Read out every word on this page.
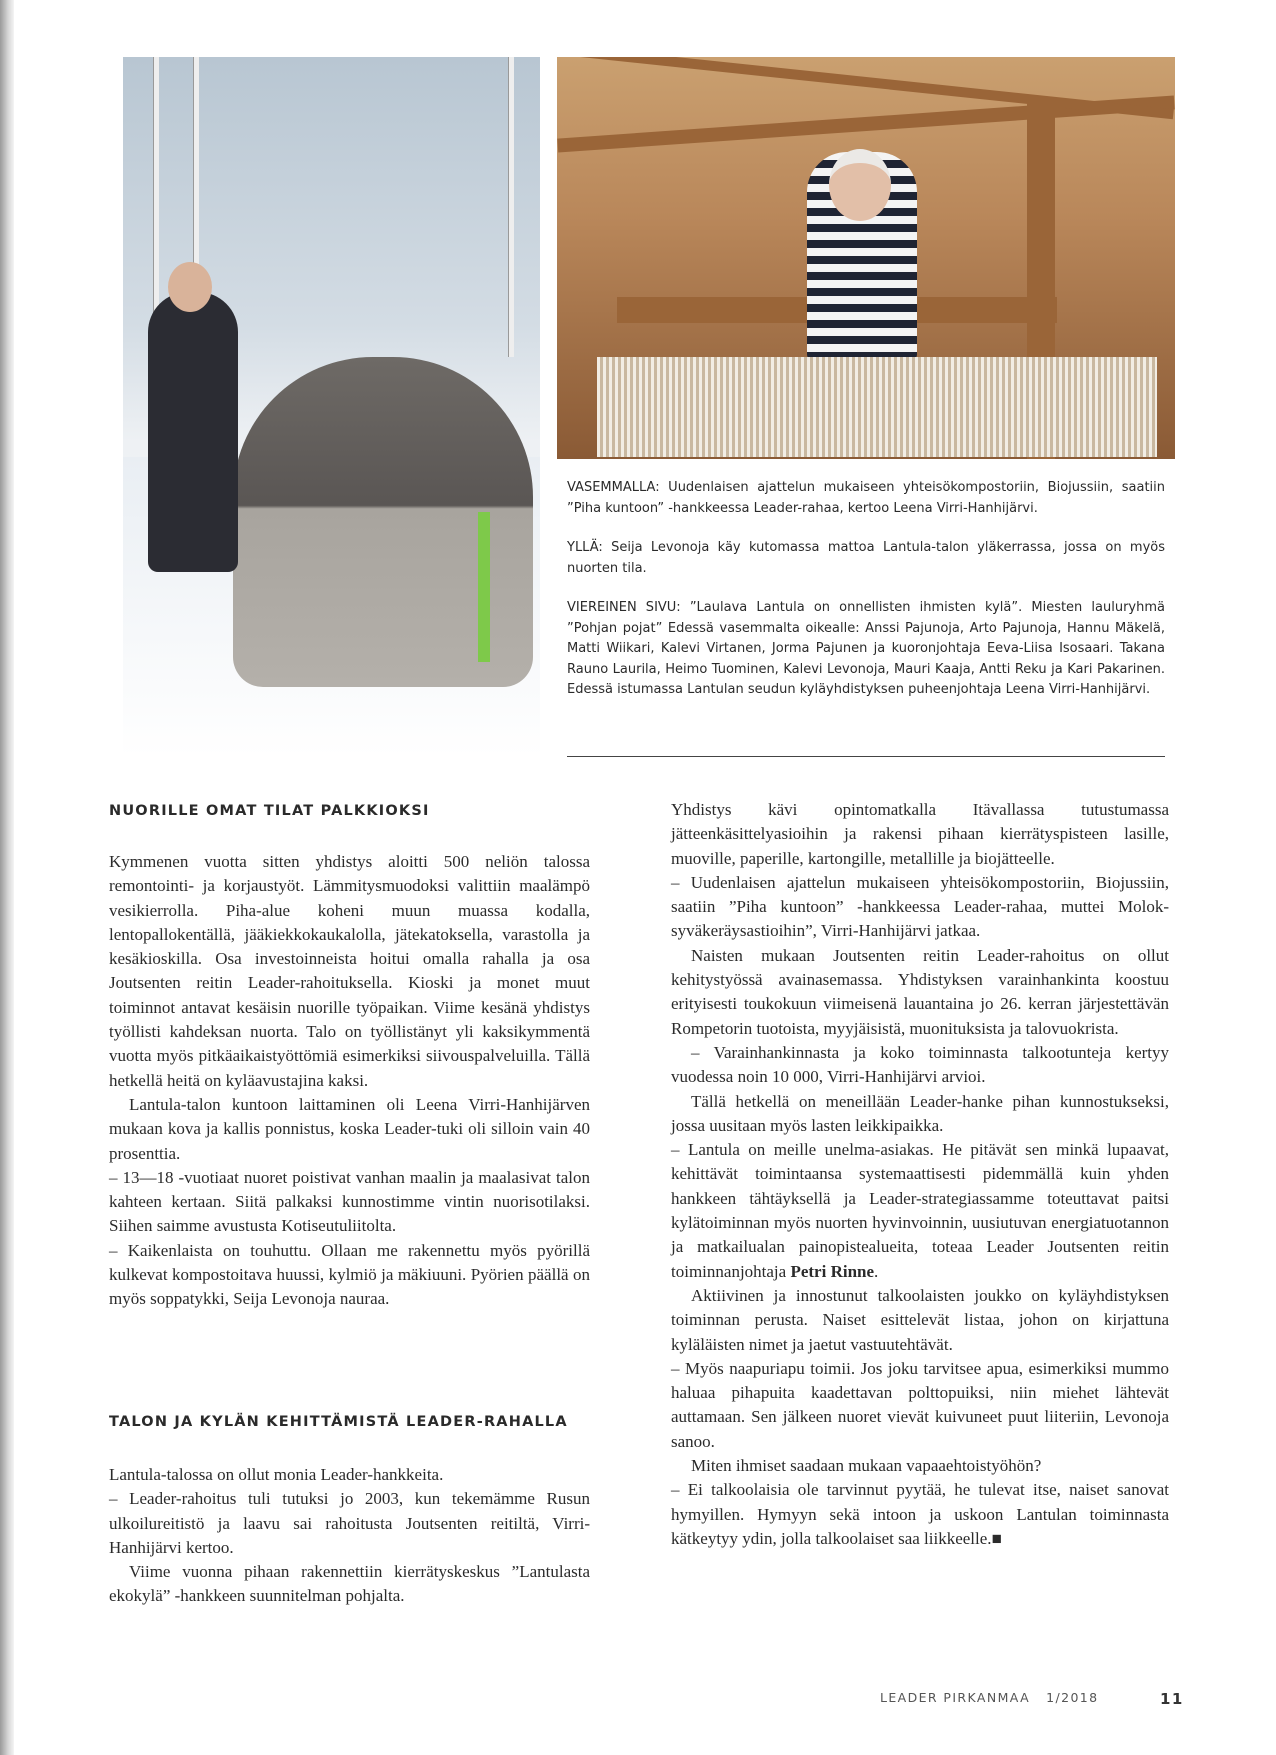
VASEMMALLA: Uudenlaisen ajattelun mukaiseen yhteisökompostoriin, Biojussiin, saatiin ”Piha kuntoon” -hankkeessa Leader-rahaa, kertoo Leena Virri-Hanhijärvi.

YLLÄ: Seija Levonoja käy kutomassa mattoa Lantula-talon yläkerrassa, jossa on myös nuorten tila.

VIEREINEN SIVU: ”Laulava Lantula on onnellisten ihmisten kylä”. Miesten lauluryhmä ”Pohjan pojat” Edessä vasemmalta oikealle: Anssi Pajunoja, Arto Pajunoja, Hannu Mäkelä, Matti Wiikari, Kalevi Virtanen, Jorma Pajunen ja kuoronjohtaja Eeva-Liisa Isosaari. Takana Rauno Laurila, Heimo Tuominen, Kalevi Levonoja, Mauri Kaaja, Antti Reku ja Kari Pakarinen. Edessä istumassa Lantulan seudun kyläyhdistyksen puheenjohtaja Leena Virri-Hanhijärvi.

NUORILLE OMAT TILAT PALKKIOKSI

Kymmenen vuotta sitten yhdistys aloitti 500 neliön talossa remontointi- ja korjaustyöt. Lämmitysmuodoksi valittiin maalämpö vesikierrolla. Piha-alue koheni muun muassa kodalla, lentopallokentällä, jääkiekkokaukalolla, jätekatoksella, varastolla ja kesäkioskilla. Osa investoinneista hoitui omalla rahalla ja osa Joutsenten reitin Leader-rahoituksella. Kioski ja monet muut toiminnot antavat kesäisin nuorille työpaikan. Viime kesänä yhdistys työllisti kahdeksan nuorta. Talo on työllistänyt yli kaksikymmentä vuotta myös pitkäaikaistyöttömiä esimerkiksi siivouspalveluilla. Tällä hetkellä heitä on kyläavustajina kaksi.

Lantula-talon kuntoon laittaminen oli Leena Virri-Hanhijärven mukaan kova ja kallis ponnistus, koska Leader-tuki oli silloin vain 40 prosenttia.

– 13—18 -vuotiaat nuoret poistivat vanhan maalin ja maalasivat talon kahteen kertaan. Siitä palkaksi kunnostimme vintin nuorisotilaksi. Siihen saimme avustusta Kotiseutuliitolta.

– Kaikenlaista on touhuttu. Ollaan me rakennettu myös pyörillä kulkevat kompostoitava huussi, kylmiö ja mäkiuuni. Pyörien päällä on myös soppatykki, Seija Levonoja nauraa.

TALON JA KYLÄN KEHITTÄMISTÄ LEADER-RAHALLA

Lantula-talossa on ollut monia Leader-hankkeita.

– Leader-rahoitus tuli tutuksi jo 2003, kun tekemämme Rusun ulkoilureitistö ja laavu sai rahoitusta Joutsenten reitiltä, Virri-Hanhijärvi kertoo.

Viime vuonna pihaan rakennettiin kierrätyskeskus ”Lantulasta ekokylä” -hankkeen suunnitelman pohjalta.

Yhdistys kävi opintomatkalla Itävallassa tutustumassa jätteenkäsittelyasioihin ja rakensi pihaan kierrätyspisteen lasille, muoville, paperille, kartongille, metallille ja biojätteelle.

– Uudenlaisen ajattelun mukaiseen yhteisökompostoriin, Biojussiin, saatiin ”Piha kuntoon” -hankkeessa Leader-rahaa, muttei Molok-syväkeräysastioihin”, Virri-Hanhijärvi jatkaa.

Naisten mukaan Joutsenten reitin Leader-rahoitus on ollut kehitystyössä avainasemassa. Yhdistyksen varainhankinta koostuu erityisesti toukokuun viimeisenä lauantaina jo 26. kerran järjestettävän Rompetorin tuotoista, myyjäisistä, muonituksista ja talovuokrista.

– Varainhankinnasta ja koko toiminnasta talkootunteja kertyy vuodessa noin 10 000, Virri-Hanhijärvi arvioi.

Tällä hetkellä on meneillään Leader-hanke pihan kunnostukseksi, jossa uusitaan myös lasten leikkipaikka.

– Lantula on meille unelma-asiakas. He pitävät sen minkä lupaavat, kehittävät toimintaansa systemaattisesti pidemmällä kuin yhden hankkeen tähtäyksellä ja Leader-strategiassamme toteuttavat paitsi kylätoiminnan myös nuorten hyvinvoinnin, uusiutuvan energiatuotannon ja matkailualan painopistealueita, toteaa Leader Joutsenten reitin toiminnanjohtaja Petri Rinne.

Aktiivinen ja innostunut talkoolaisten joukko on kyläyhdistyksen toiminnan perusta. Naiset esittelevät listaa, johon on kirjattuna kyläläisten nimet ja jaetut vastuutehtävät.

– Myös naapuriapu toimii. Jos joku tarvitsee apua, esimerkiksi mummo haluaa pihapuita kaadettavan polttopuiksi, niin miehet lähtevät auttamaan. Sen jälkeen nuoret vievät kuivuneet puut liiteriin, Levonoja sanoo.

Miten ihmiset saadaan mukaan vapaaehtoistyöhön?

– Ei talkoolaisia ole tarvinnut pyytää, he tulevat itse, naiset sanovat hymyillen. Hymyyn sekä intoon ja uskoon Lantulan toiminnasta kätkeytyy ydin, jolla talkoolaiset saa liikkeelle.■

LEADER PIRKANMAA   1/2018	11
